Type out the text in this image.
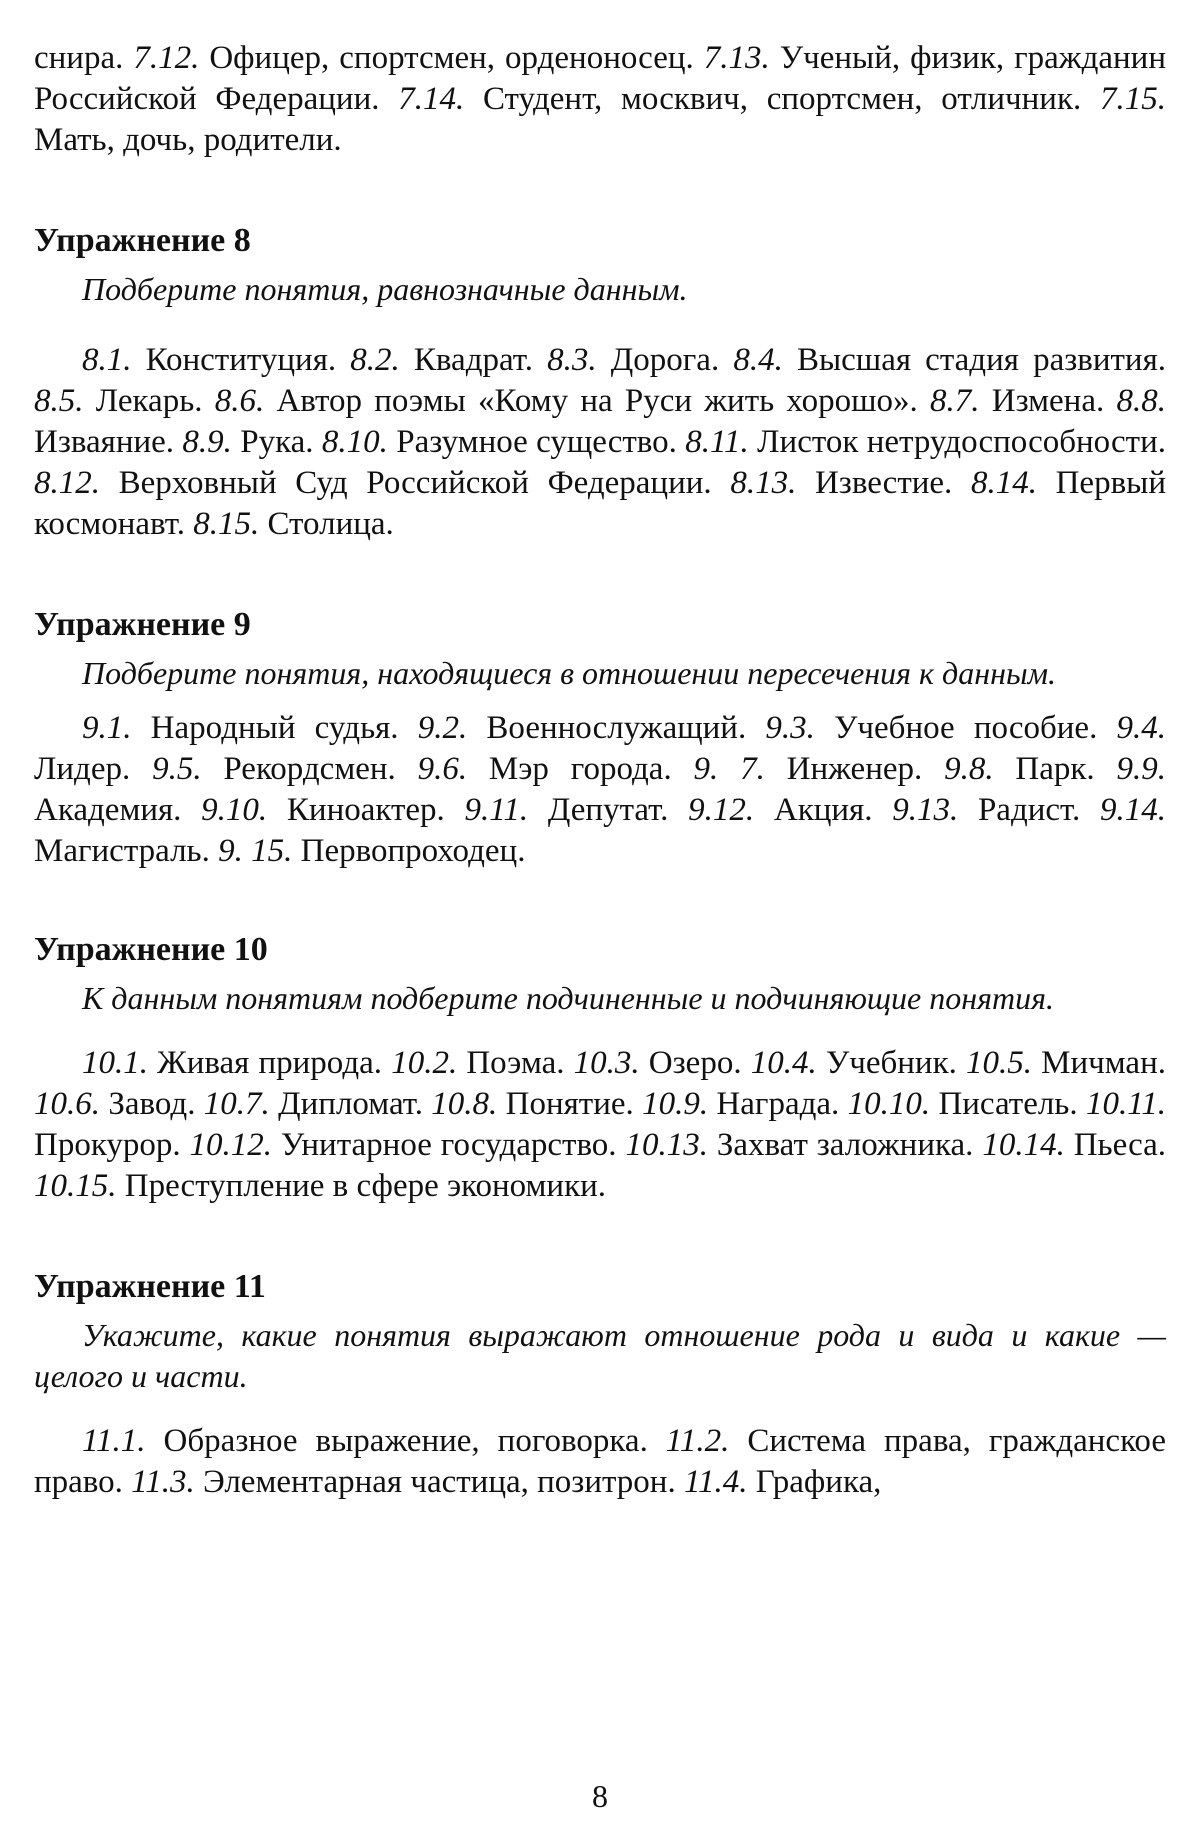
снира. 7.12. Офицер, спортсмен, орденоносец. 7.13. Ученый, физик, гражданин Российской Федерации. 7.14. Студент, москвич, спортсмен, отличник. 7.15. Мать, дочь, родители.

Упражнение 8

Подберите понятия, равнозначные данным.

8.1. Конституция. 8.2. Квадрат. 8.3. Дорога. 8.4. Высшая стадия развития. 8.5. Лекарь. 8.6. Автор поэмы «Кому на Руси жить хорошо». 8.7. Измена. 8.8. Изваяние. 8.9. Рука. 8.10. Разумное существо. 8.11. Листок нетрудоспособности. 8.12. Верховный Суд Российской Федерации. 8.13. Известие. 8.14. Первый космонавт. 8.15. Столица.

Упражнение 9

Подберите понятия, находящиеся в отношении пересечения к данным.

9.1. Народный судья. 9.2. Военнослужащий. 9.3. Учебное пособие. 9.4. Лидер. 9.5. Рекордсмен. 9.6. Мэр города. 9. 7. Инженер. 9.8. Парк. 9.9. Академия. 9.10. Киноактер. 9.11. Депутат. 9.12. Акция. 9.13. Радист. 9.14. Магистраль. 9. 15. Первопроходец.

Упражнение 10

К данным понятиям подберите подчиненные и подчиняющие понятия.

10.1. Живая природа. 10.2. Поэма. 10.3. Озеро. 10.4. Учебник. 10.5. Мичман. 10.6. Завод. 10.7. Дипломат. 10.8. Понятие. 10.9. Награда. 10.10. Писатель. 10.11. Прокурор. 10.12. Унитарное государство. 10.13. Захват заложника. 10.14. Пьеса. 10.15. Преступление в сфере экономики.

Упражнение 11

Укажите, какие понятия выражают отношение рода и вида и какие — целого и части.

11.1. Образное выражение, поговорка. 11.2. Система права, гражданское право. 11.3. Элементарная частица, позитрон. 11.4. Графика,

8
